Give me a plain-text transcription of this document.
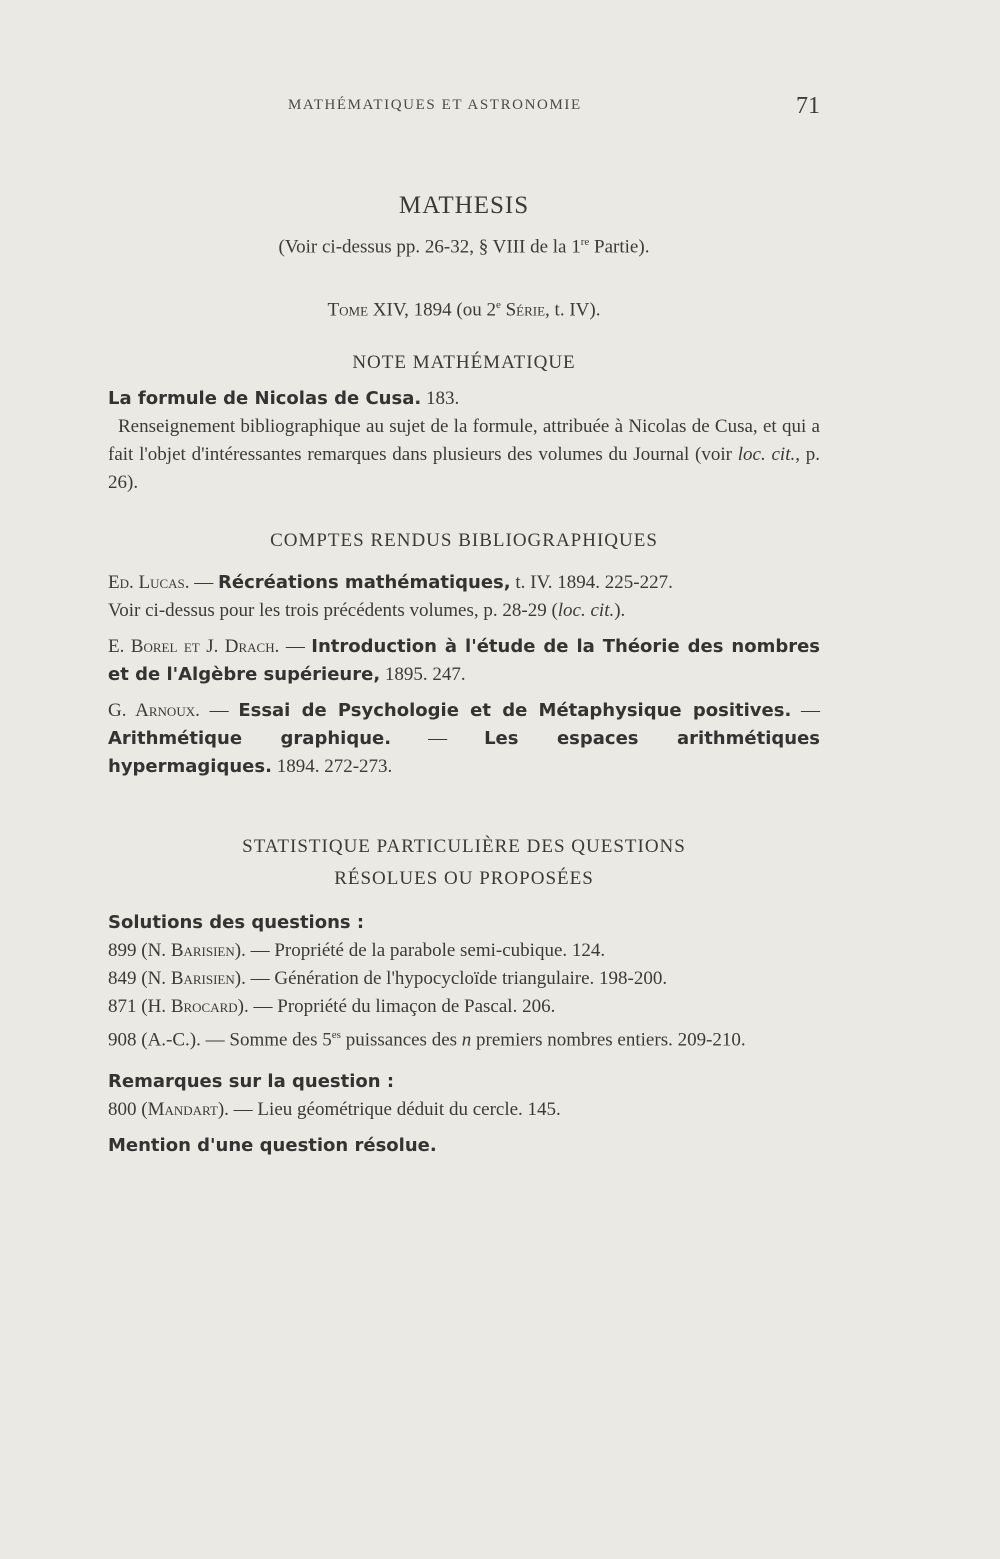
MATHÉMATIQUES ET ASTRONOMIE	71
MATHESIS
(Voir ci-dessus pp. 26-32, § VIII de la 1re Partie).
Tome XIV, 1894 (ou 2e Série, t. IV).
NOTE MATHÉMATIQUE

La formule de Nicolas de Cusa. 183.

Renseignement bibliographique au sujet de la formule, attribuée à Nicolas de Cusa, et qui a fait l'objet d'intéressantes remarques dans plusieurs des volumes du Journal (voir loc. cit., p. 26).

COMPTES RENDUS BIBLIOGRAPHIQUES

Ed. Lucas. — Récréations mathématiques, t. IV. 1894. 225-227.

Voir ci-dessus pour les trois précédents volumes, p. 28-29 (loc. cit.).

E. Borel et J. Drach. — Introduction à l'étude de la Théorie des nombres et de l'Algèbre supérieure, 1895. 247.

G. Arnoux. — Essai de Psychologie et de Métaphysique positives. — Arithmétique graphique. — Les espaces arithmétiques hypermagiques. 1894. 272-273.

STATISTIQUE PARTICULIÈRE DES QUESTIONS
RÉSOLUES OU PROPOSÉES

Solutions des questions :

899 (N. Barisien). — Propriété de la parabole semi-cubique. 124.

849 (N. Barisien). — Génération de l'hypocycloïde triangulaire. 198-200.

871 (H. Brocard). — Propriété du limaçon de Pascal. 206.

908 (A.-C.). — Somme des $5^{es}$ puissances des n premiers nombres entiers. 209-210.

Remarques sur la question :

800 (Mandart). — Lieu géométrique déduit du cercle. 145.

Mention d'une question résolue.
